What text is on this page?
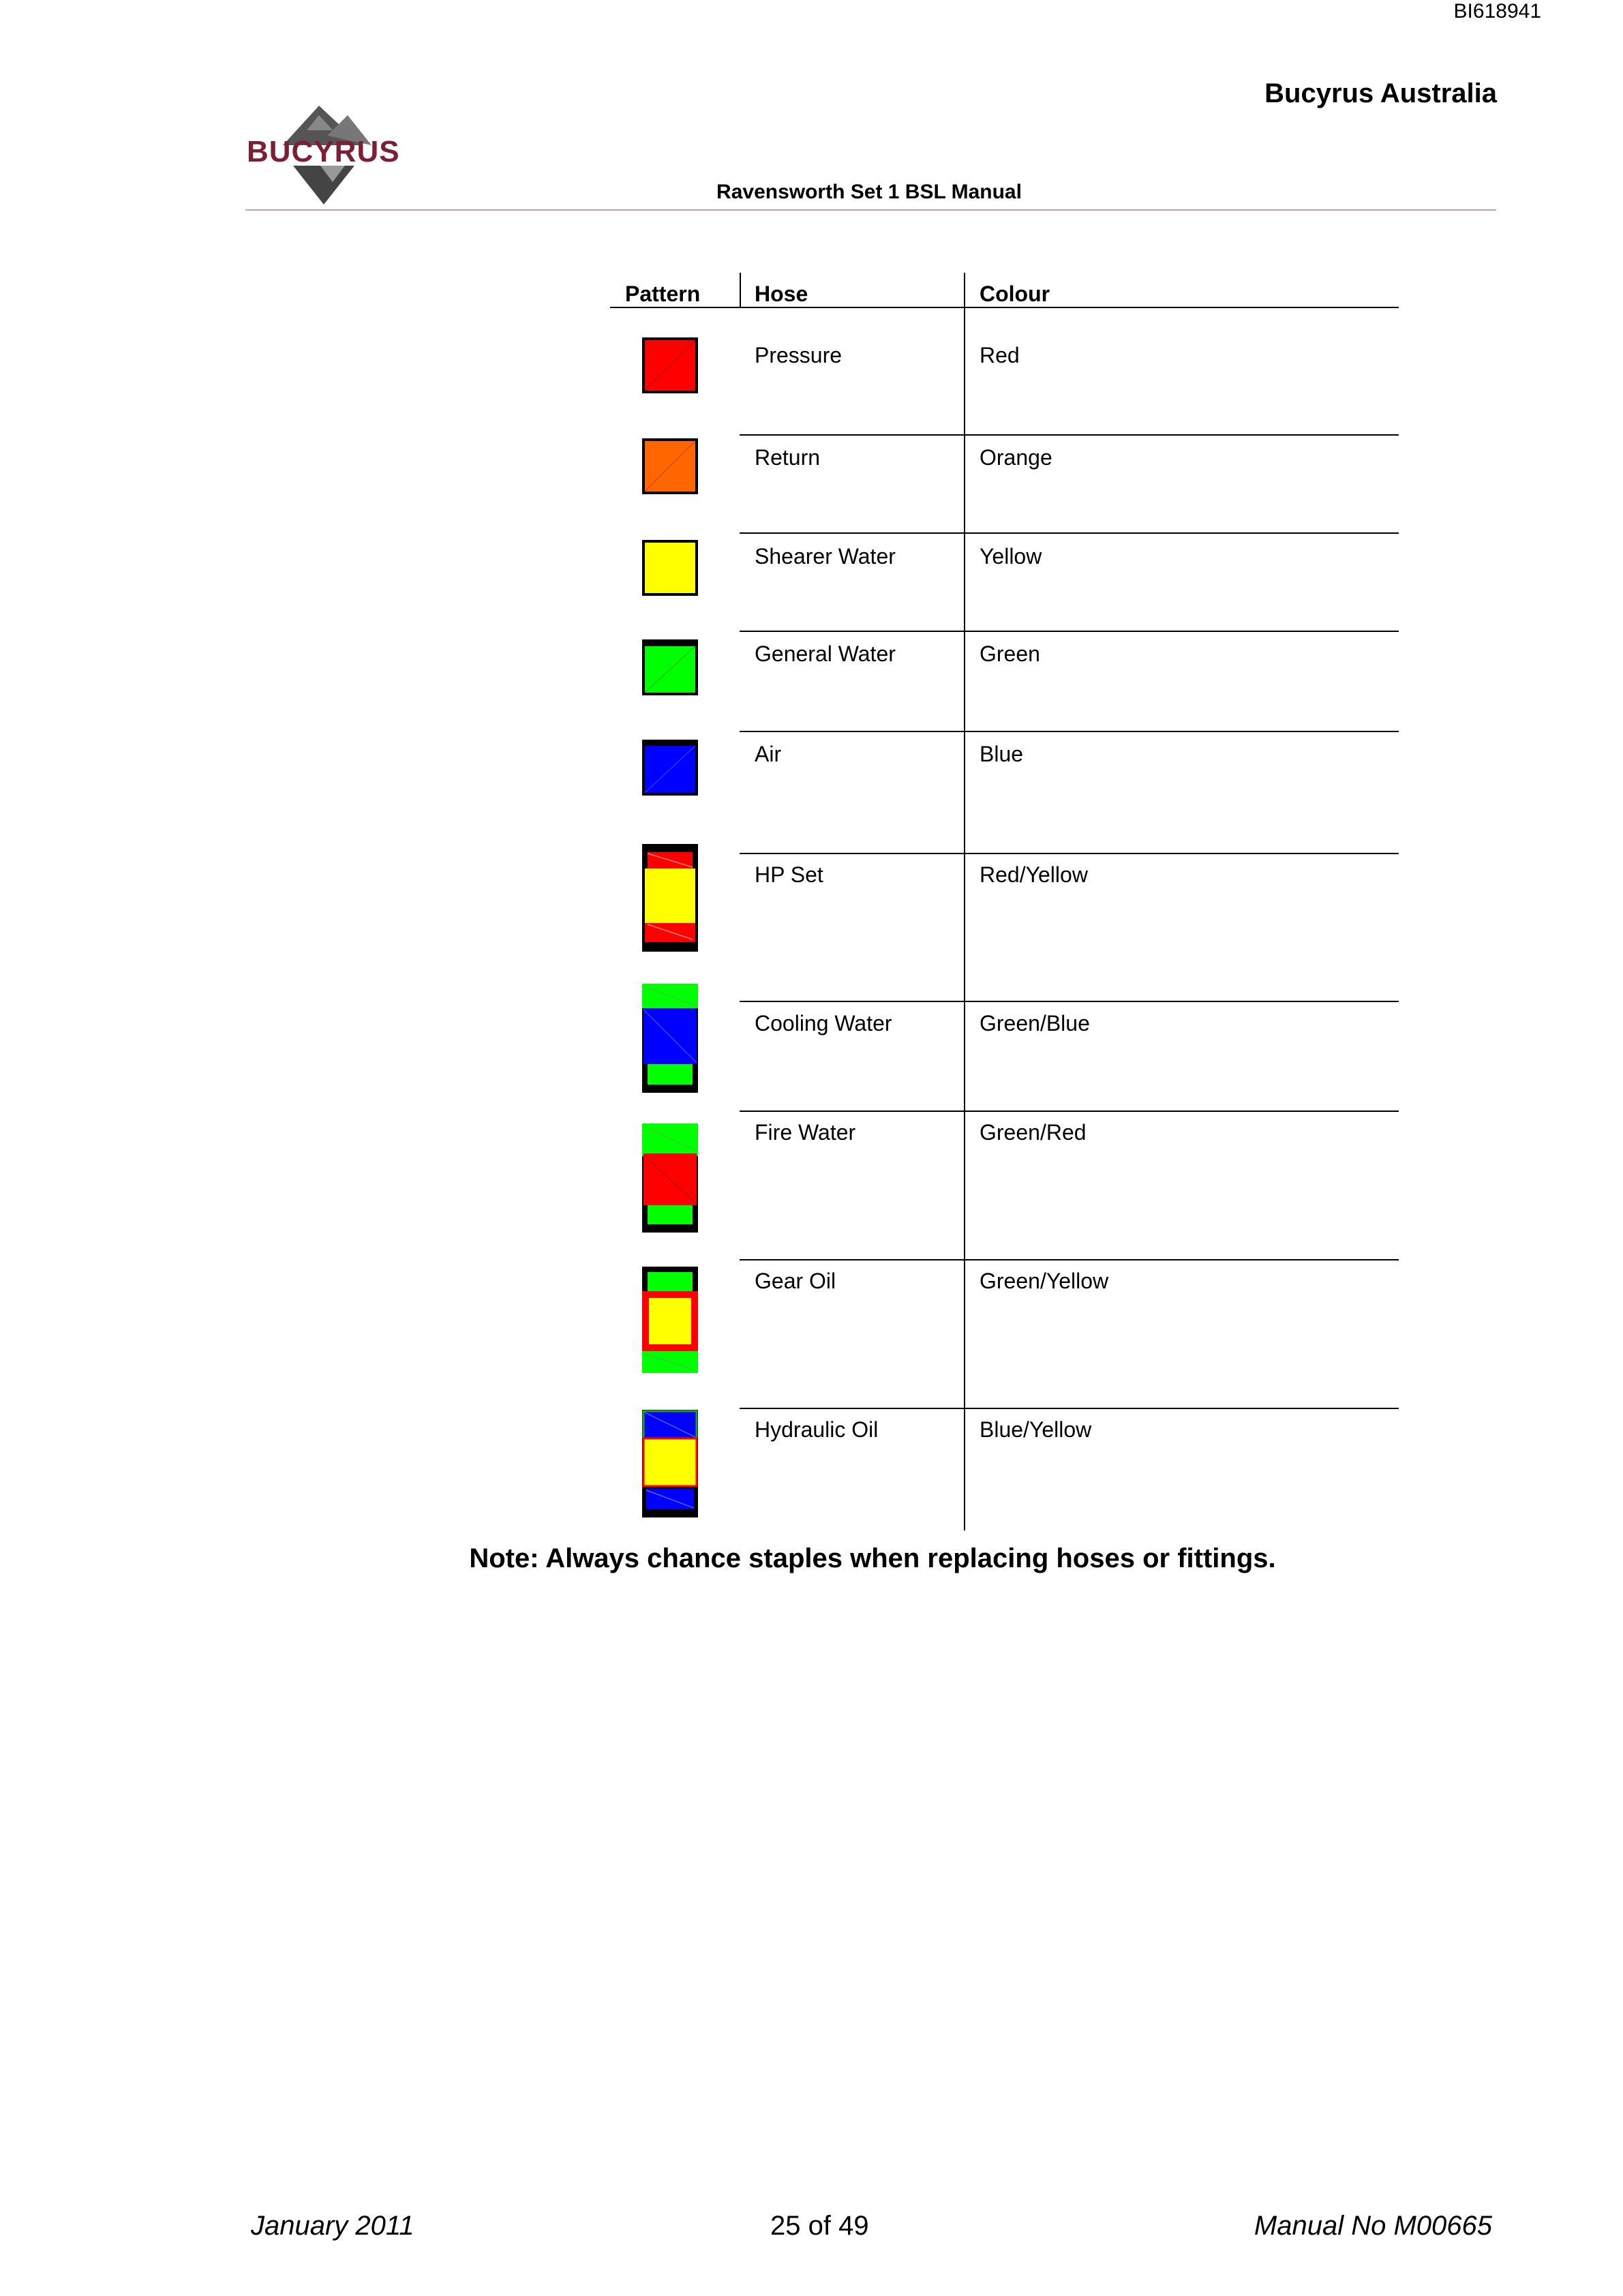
BI618941
Bucyrus Australia
BUCYRUS
Ravensworth Set 1 BSL Manual
Pattern Hose	Colour
Pressure	Red
Return	Orange
Shearer Water	Yellow
General Water	Green
Air	Blue
HP Set	Red/Yellow
Cooling Water	Green/Blue
Fire Water	Green/Red
Gear Oil	Green/Yellow
Hydraulic Oil	Blue/Yellow
Note: Always chance staples when replacing hoses or fittings.
January 2011	25 of 49	Manual No M00665
